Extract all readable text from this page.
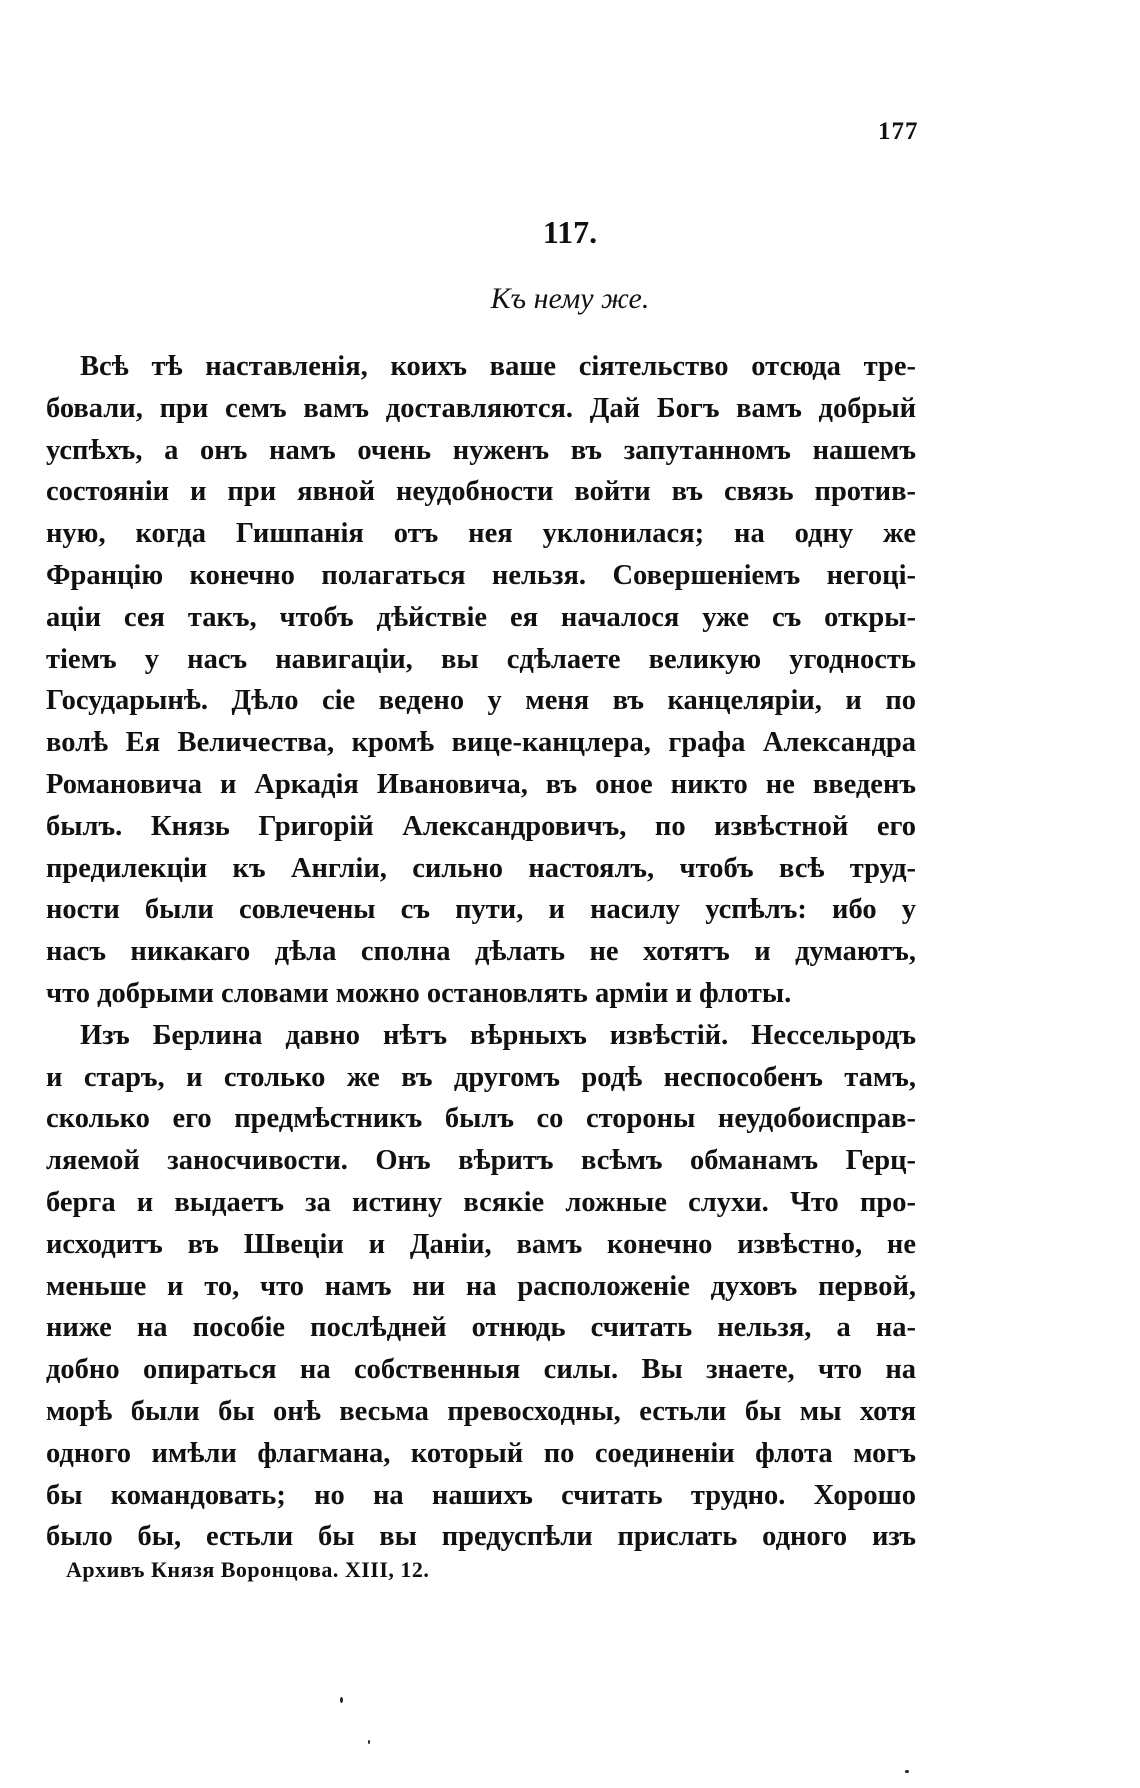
177
117.
Къ нему же.
Всѣ тѣ наставленія, коихъ ваше сіятельство отсюда тре-
бовали, при семъ вамъ доставляются. Дай Богъ вамъ добрый
успѣхъ, а онъ намъ очень нуженъ въ запутанномъ нашемъ
состояніи и при явной неудобности войти въ связь против-
ную, когда Гишпанія отъ нея уклонилася; на одну же
Францію конечно полагаться нельзя. Совершеніемъ негоці-
аціи сея такъ, чтобъ дѣйствіе ея началося уже съ откры-
тіемъ у насъ навигаціи, вы сдѣлаете великую угодность
Государынѣ. Дѣло сіе ведено у меня въ канцеляріи, и по
волѣ Ея Величества, кромѣ вице-канцлера, графа Александра
Романовича и Аркадія Ивановича, въ оное никто не введенъ
былъ. Князь Григорій Александровичъ, по извѣстной его
предилекціи къ Англіи, сильно настоялъ, чтобъ всѣ труд-
ности были совлечены съ пути, и насилу успѣлъ: ибо у
насъ никакаго дѣла сполна дѣлать не хотятъ и думаютъ,
что добрыми словами можно остановлять арміи и флоты.
Изъ Берлина давно нѣтъ вѣрныхъ извѣстій. Нессельродъ
и старъ, и столько же въ другомъ родѣ неспособенъ тамъ,
сколько его предмѣстникъ былъ со стороны неудобоисправ-
ляемой заносчивости. Онъ вѣритъ всѣмъ обманамъ Герц-
берга и выдаетъ за истину всякіе ложные слухи. Что про-
исходитъ въ Швеціи и Даніи, вамъ конечно извѣстно, не
меньше и то, что намъ ни на расположеніе духовъ первой,
ниже на пособіе послѣдней отнюдь считать нельзя, а на-
добно опираться на собственныя силы. Вы знаете, что на
морѣ были бы онѣ весьма превосходны, естьли бы мы хотя
одного имѣли флагмана, который по соединеніи флота могъ
бы командовать; но на нашихъ считать трудно. Хорошо
было бы, естьли бы вы предуспѣли прислать одного изъ
Архивъ Князя Воронцова. XIII, 12.
